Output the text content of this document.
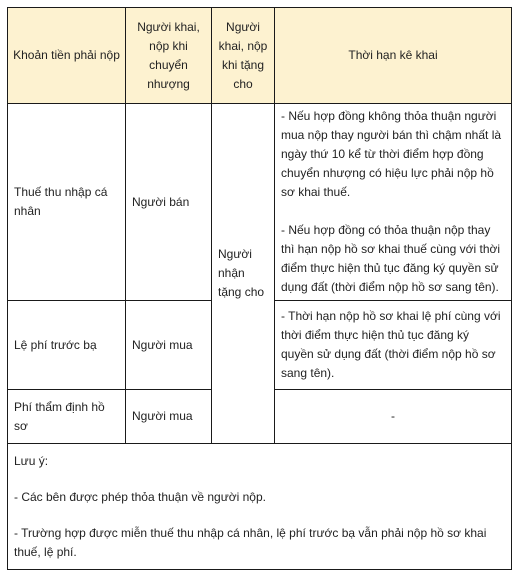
Khoản tiền phải nộp	Người khai, nộp khi chuyển nhượng	Người khai, nộp khi tặng cho	Thời hạn kê khai
Thuế thu nhập cá nhân	Người bán	Người nhận tặng cho	- Nếu hợp đồng không thỏa thuận người mua nộp thay người bán thì chậm nhất là ngày thứ 10 kể từ thời điểm hợp đồng chuyển nhượng có hiệu lực phải nộp hồ sơ khai thuế.

- Nếu hợp đồng có thỏa thuận nộp thay thì hạn nộp hồ sơ khai thuế cùng với thời điểm thực hiện thủ tục đăng ký quyền sử dụng đất (thời điểm nộp hồ sơ sang tên).

Lệ phí trước bạ	Người mua		- Thời hạn nộp hồ sơ khai lệ phí cùng với thời điểm thực hiện thủ tục đăng ký quyền sử dụng đất (thời điểm nộp hồ sơ sang tên).

Phí thẩm định hồ sơ	Người mua		-

Lưu ý:

- Các bên được phép thỏa thuận về người nộp.

- Trường hợp được miễn thuế thu nhập cá nhân, lệ phí trước bạ vẫn phải nộp hồ sơ khai thuế, lệ phí.			
